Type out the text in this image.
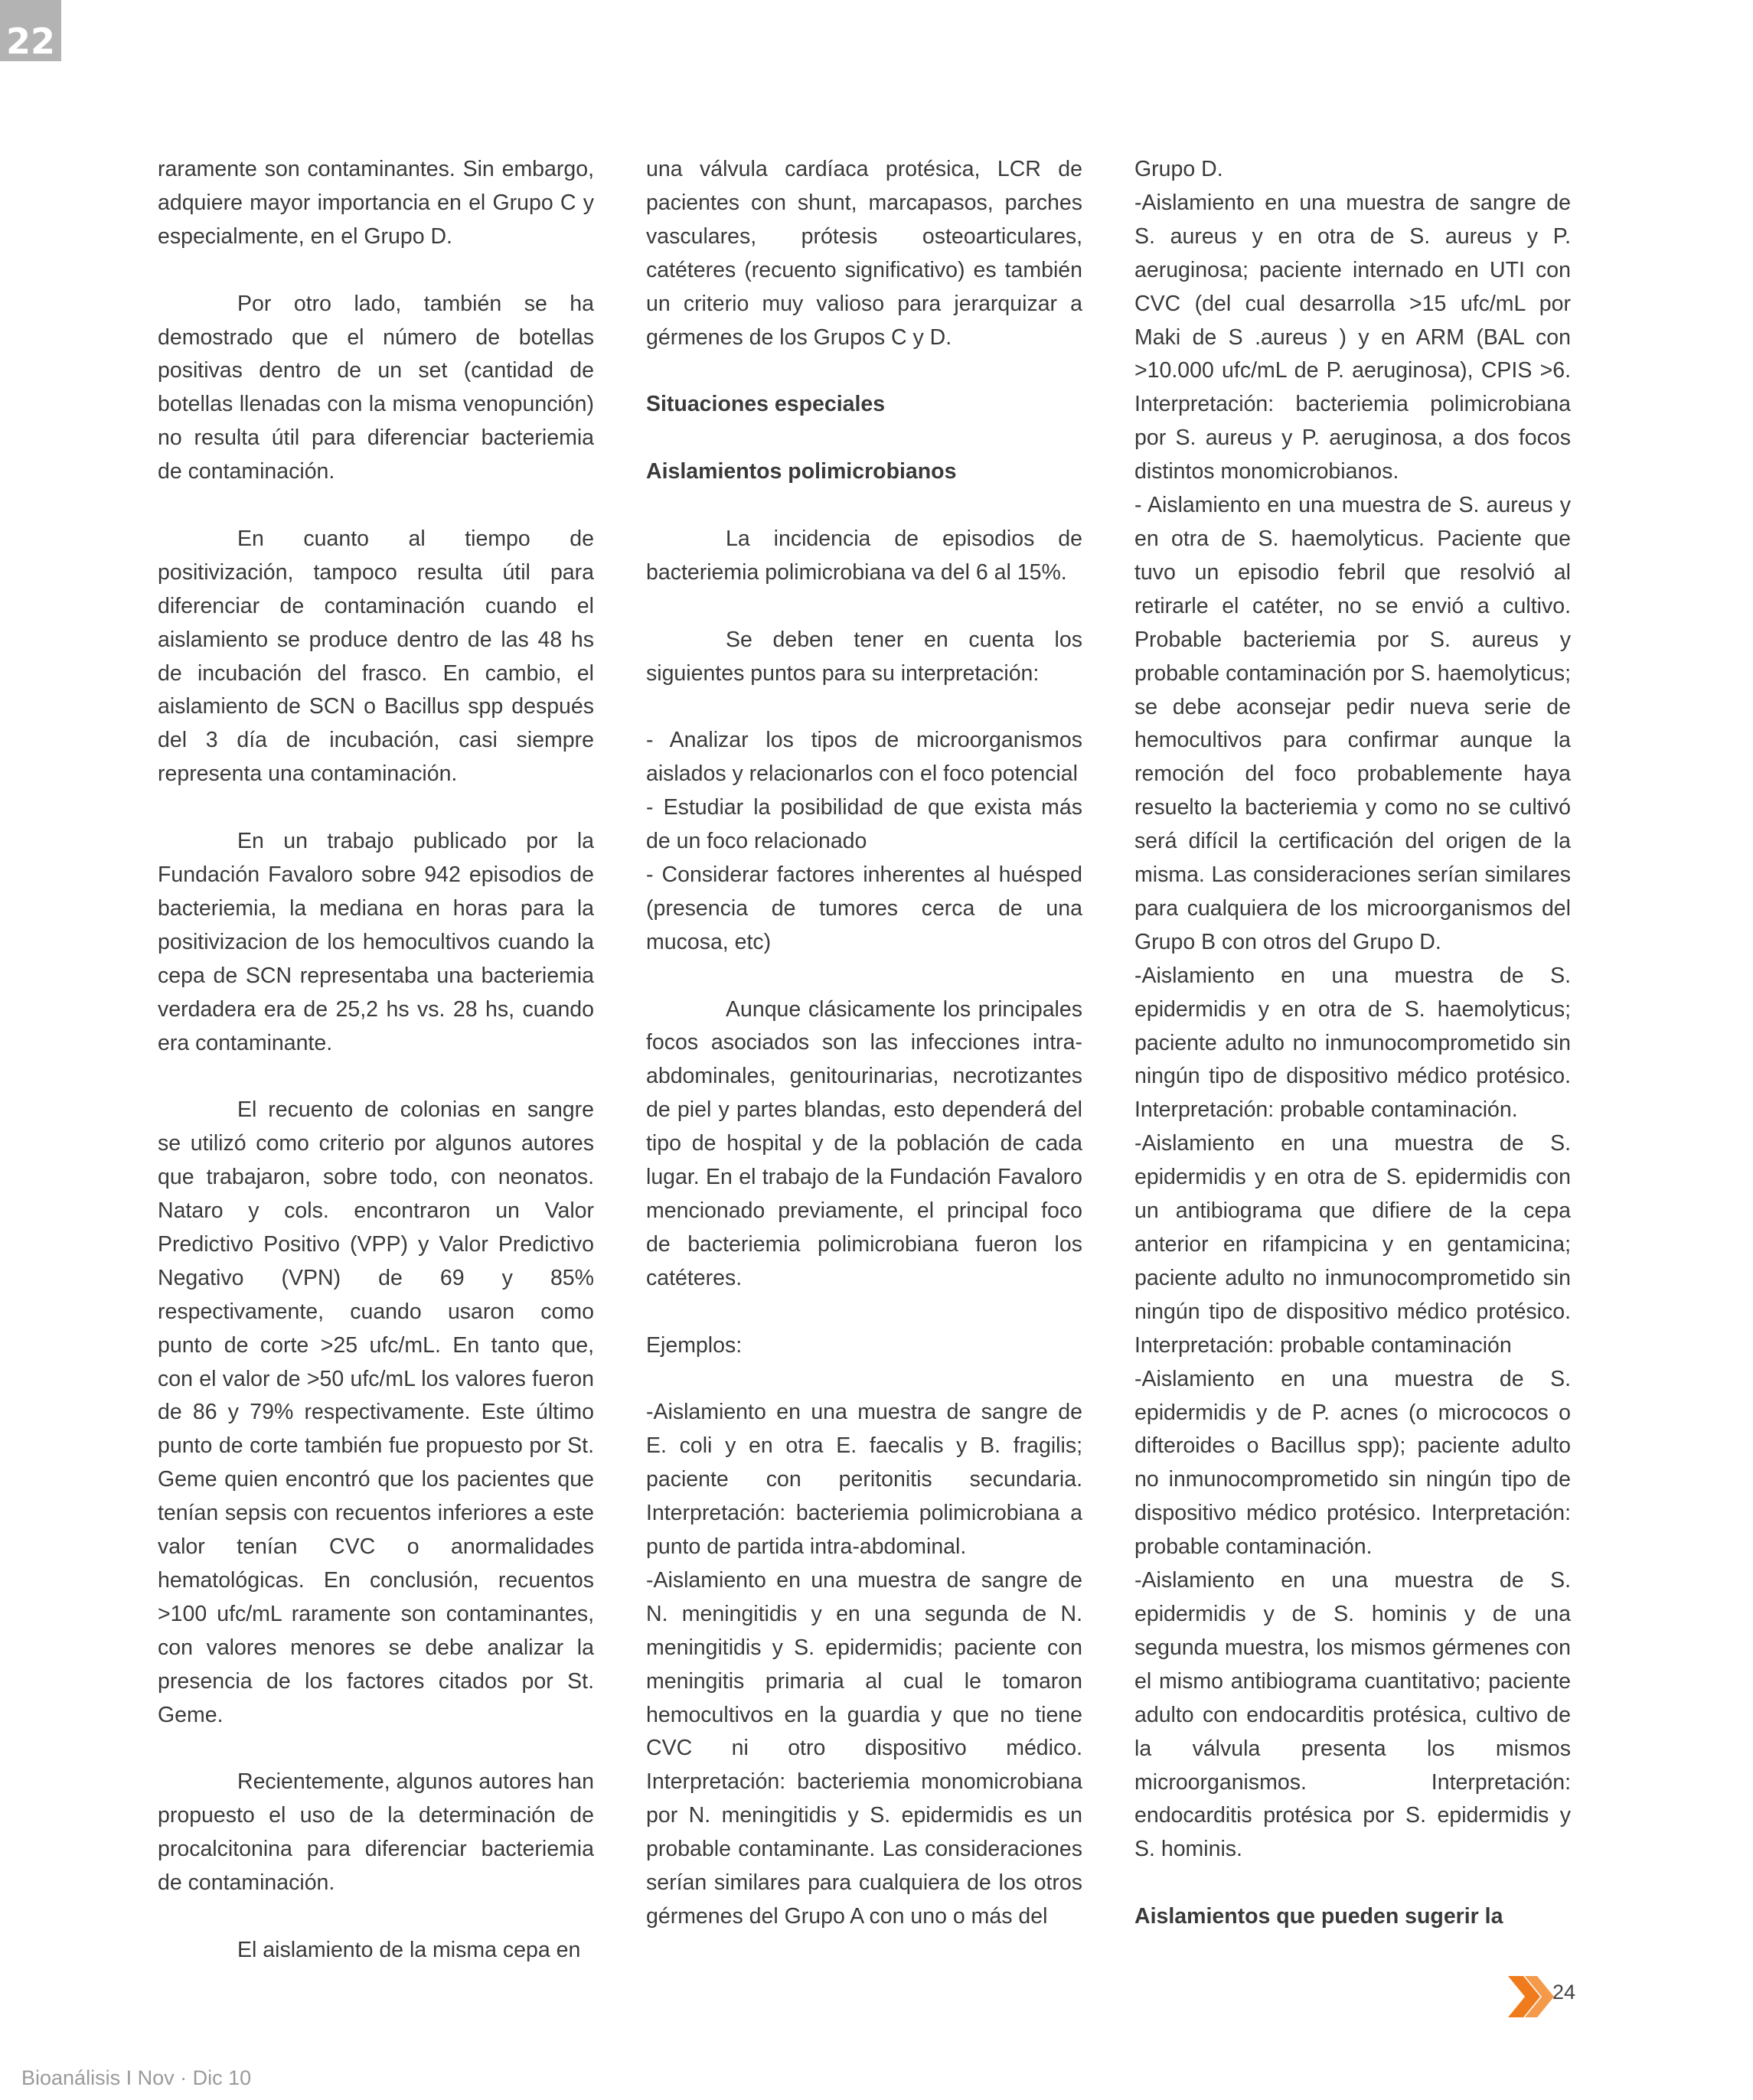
22

raramente son contaminantes. Sin embargo, adquiere mayor importancia en el Grupo C y especialmente, en el Grupo D.

Por otro lado, también se ha demostrado que el número de botellas positivas dentro de un set (cantidad de botellas llenadas con la misma venopunción) no resulta útil para diferenciar bacteriemia de contaminación.

En cuanto al tiempo de positivización, tampoco resulta útil para diferenciar de contaminación cuando el aislamiento se produce dentro de las 48 hs de incubación del frasco. En cambio, el aislamiento de SCN o Bacillus spp después del 3 día de incubación, casi siempre representa una contaminación.

En un trabajo publicado por la Fundación Favaloro sobre 942 episodios de bacteriemia, la mediana en horas para la positivizacion de los hemocultivos cuando la cepa de SCN representaba una bacteriemia verdadera era de 25,2 hs vs. 28 hs, cuando era contaminante.

El recuento de colonias en sangre se utilizó como criterio por algunos autores que trabajaron, sobre todo, con neonatos. Nataro y cols. encontraron un Valor Predictivo Positivo (VPP) y Valor Predictivo Negativo (VPN) de 69 y 85% respectivamente, cuando usaron como punto de corte >25 ufc/mL. En tanto que, con el valor de >50 ufc/mL los valores fueron de 86 y 79% respectivamente. Este último punto de corte también fue propuesto por St. Geme quien encontró que los pacientes que tenían sepsis con recuentos inferiores a este valor tenían CVC o anormalidades hematológicas. En conclusión, recuentos >100 ufc/mL raramente son contaminantes, con valores menores se debe analizar la presencia de los factores citados por St. Geme.

Recientemente, algunos autores han propuesto el uso de la determinación de procalcitonina para diferenciar bacteriemia de contaminación.

El aislamiento de la misma cepa en

una válvula cardíaca protésica, LCR de pacientes con shunt, marcapasos, parches vasculares, prótesis osteoarticulares, catéteres (recuento significativo) es también un criterio muy valioso para jerarquizar a gérmenes de los Grupos C y D.

Situaciones especiales

Aislamientos polimicrobianos

La incidencia de episodios de bacteriemia polimicrobiana va del 6 al 15%.

Se deben tener en cuenta los siguientes puntos para su interpretación:

- Analizar los tipos de microorganismos aislados y relacionarlos con el foco potencial

- Estudiar la posibilidad de que exista más de un foco relacionado

- Considerar factores inherentes al huésped (presencia de tumores cerca de una mucosa, etc)

Aunque clásicamente los principales focos asociados son las infecciones intra-abdominales, genitourinarias, necrotizantes de piel y partes blandas, esto dependerá del tipo de hospital y de la población de cada lugar. En el trabajo de la Fundación Favaloro mencionado previamente, el principal foco de bacteriemia polimicrobiana fueron los catéteres.

Ejemplos:

-Aislamiento en una muestra de sangre de E. coli y en otra E. faecalis y B. fragilis; paciente con peritonitis secundaria. Interpretación: bacteriemia polimicrobiana a punto de partida intra-abdominal.

-Aislamiento en una muestra de sangre de N. meningitidis y en una segunda de N. meningitidis y S. epidermidis; paciente con meningitis primaria al cual le tomaron hemocultivos en la guardia y que no tiene CVC ni otro dispositivo médico. Interpretación: bacteriemia monomicrobiana por N. meningitidis y S. epidermidis es un probable contaminante. Las consideraciones serían similares para cualquiera de los otros gérmenes del Grupo A con uno o más del

Grupo D.

-Aislamiento en una muestra de sangre de S. aureus y en otra de S. aureus y P. aeruginosa; paciente internado en UTI con CVC (del cual desarrolla >15 ufc/mL por Maki de S .aureus ) y en ARM (BAL con >10.000 ufc/mL de P. aeruginosa), CPIS >6. Interpretación: bacteriemia polimicrobiana por S. aureus y P. aeruginosa, a dos focos distintos monomicrobianos.

- Aislamiento en una muestra de S. aureus y en otra de S. haemolyticus. Paciente que tuvo un episodio febril que resolvió al retirarle el catéter, no se envió a cultivo. Probable bacteriemia por S. aureus y probable contaminación por S. haemolyticus; se debe aconsejar pedir nueva serie de hemocultivos para confirmar aunque la remoción del foco probablemente haya resuelto la bacteriemia y como no se cultivó será difícil la certificación del origen de la misma. Las consideraciones serían similares para cualquiera de los microorganismos del Grupo B con otros del Grupo D.

-Aislamiento en una muestra de S. epidermidis y en otra de S. haemolyticus; paciente adulto no inmunocomprometido sin ningún tipo de dispositivo médico protésico. Interpretación: probable contaminación.

-Aislamiento en una muestra de S. epidermidis y en otra de S. epidermidis con un antibiograma que difiere de la cepa anterior en rifampicina y en gentamicina; paciente adulto no inmunocomprometido sin ningún tipo de dispositivo médico protésico. Interpretación: probable contaminación

-Aislamiento en una muestra de S. epidermidis y de P. acnes (o micrococos o difteroides o Bacillus spp); paciente adulto no inmunocomprometido sin ningún tipo de dispositivo médico protésico. Interpretación: probable contaminación.

-Aislamiento en una muestra de S. epidermidis y de S. hominis y de una segunda muestra, los mismos gérmenes con el mismo antibiograma cuantitativo; paciente adulto con endocarditis protésica, cultivo de la válvula presenta los mismos microorganismos. Interpretación: endocarditis protésica por S. epidermidis y S. hominis.

Aislamientos que pueden sugerir la

24
Bioanálisis I Nov · Dic 10
